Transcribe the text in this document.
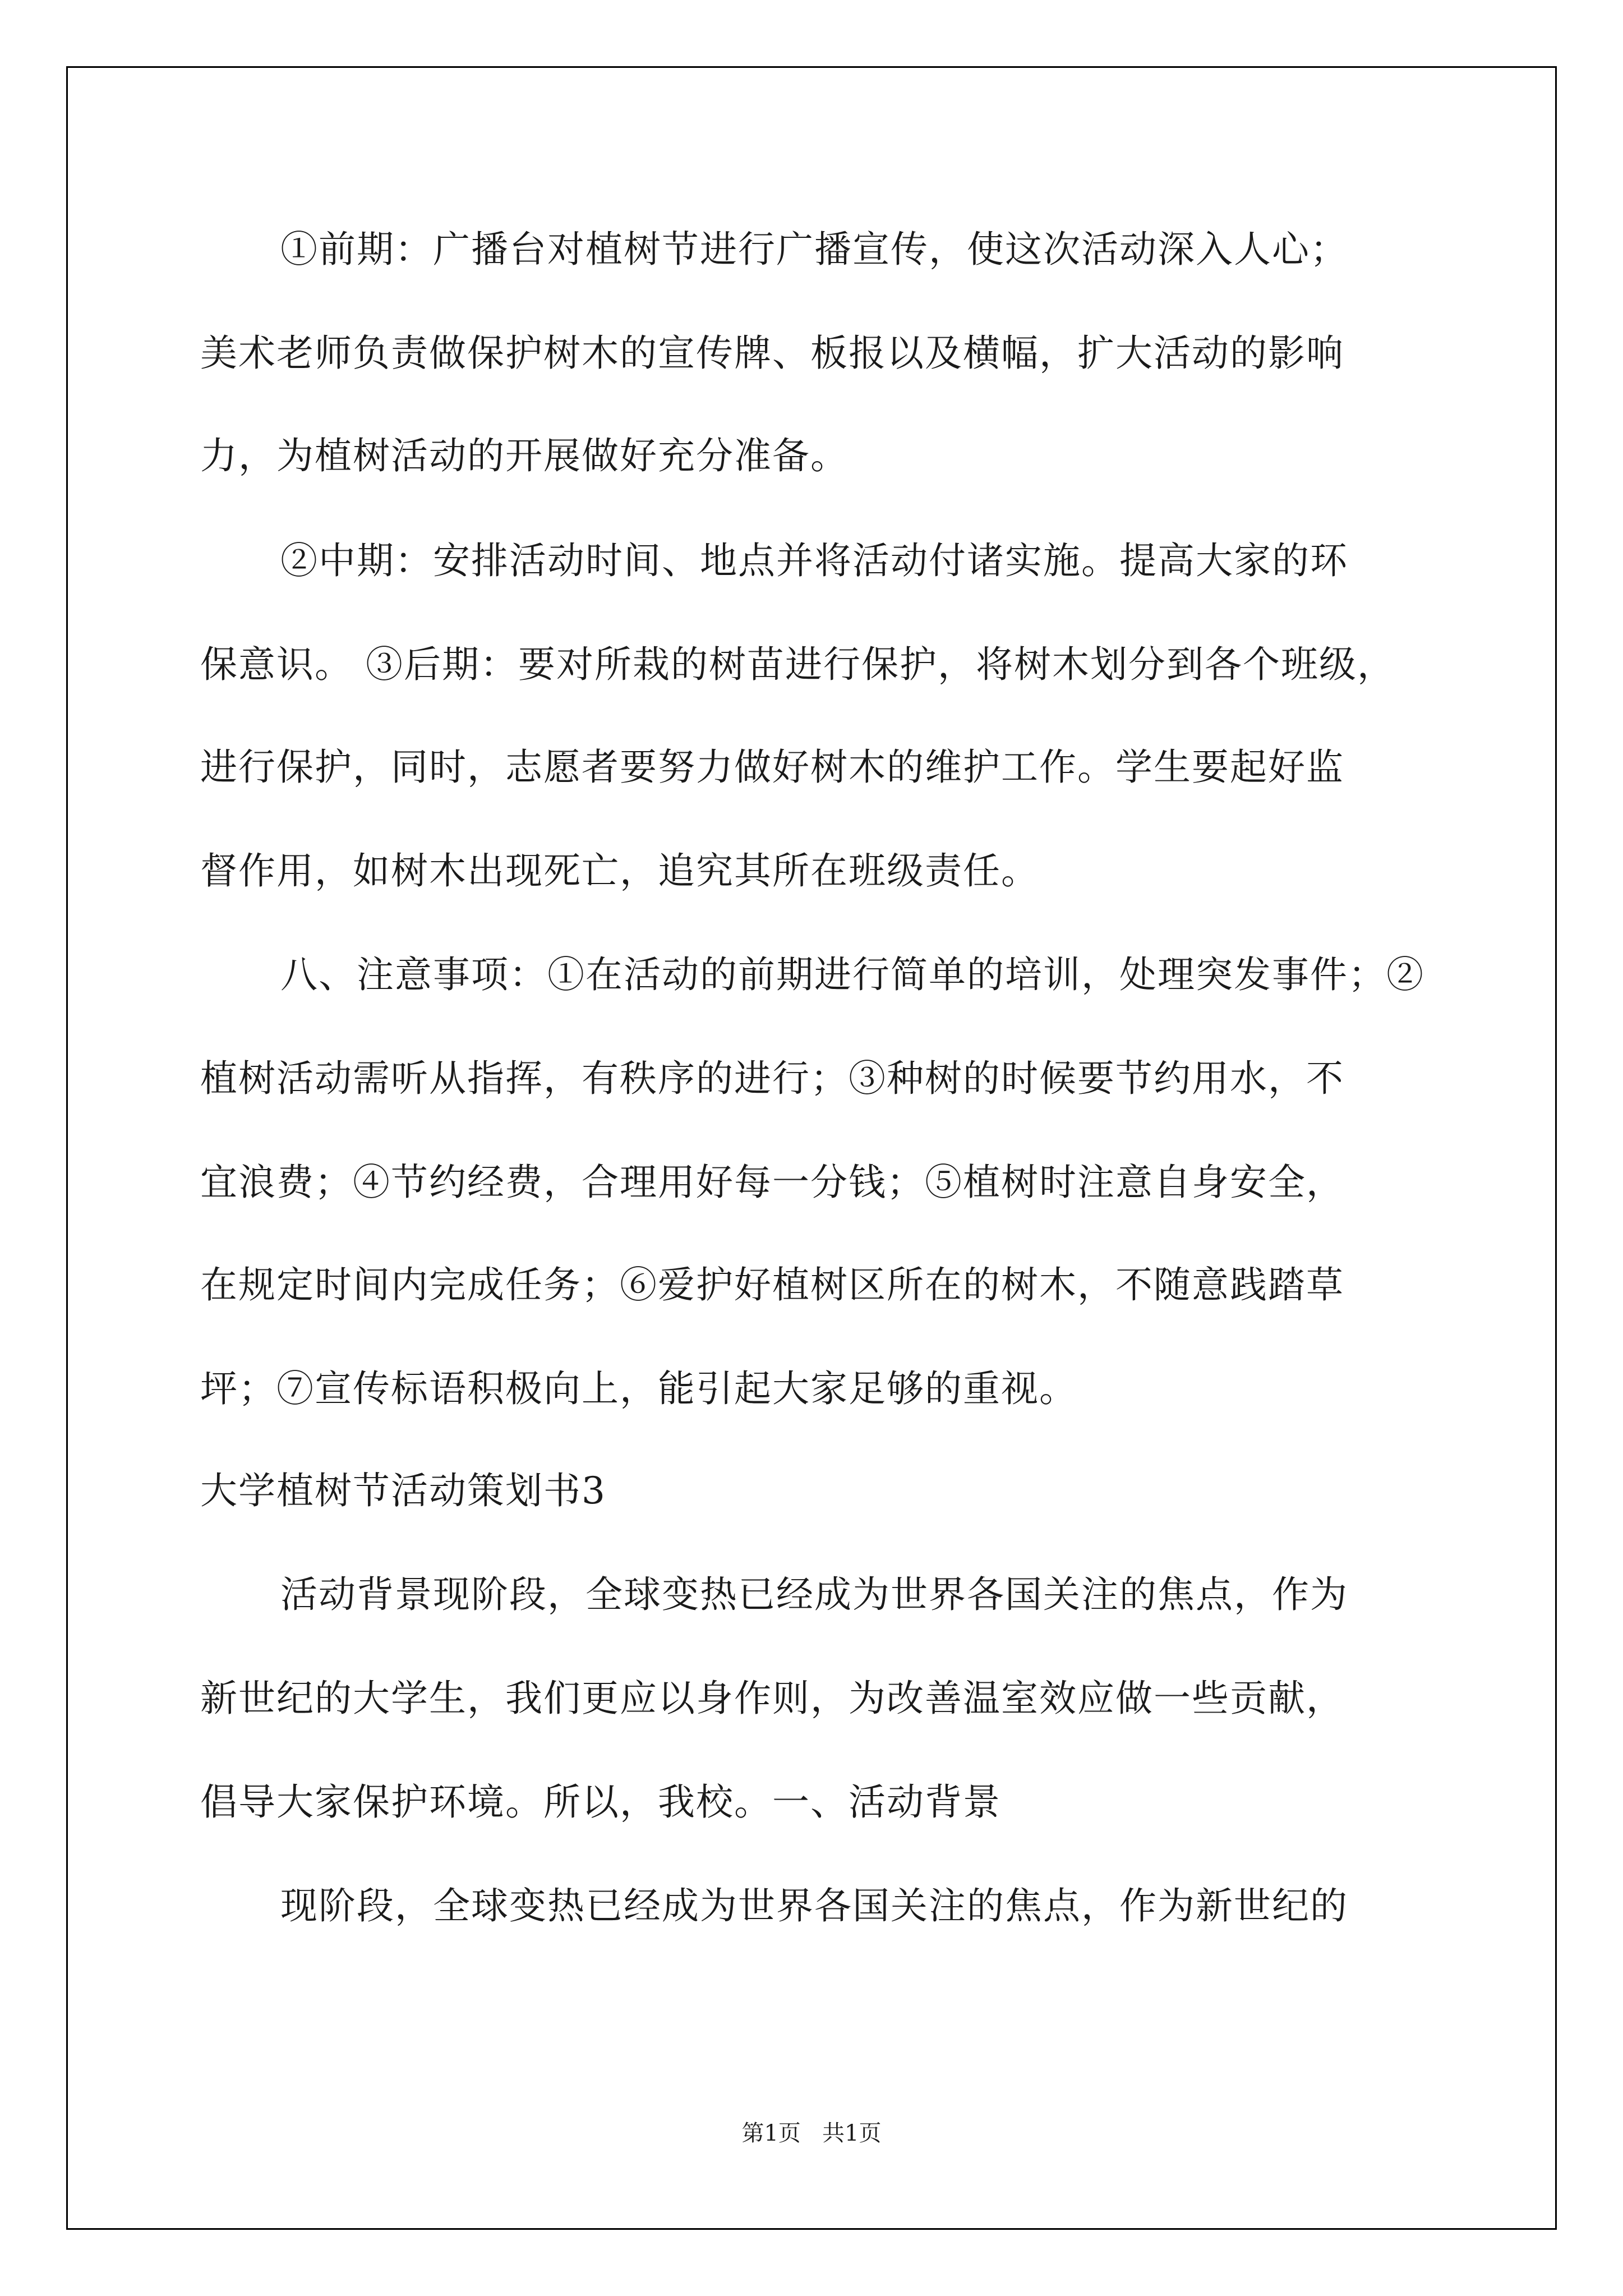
①前期：广播台对植树节进行广播宣传，使这次活动深入人心；
美术老师负责做保护树木的宣传牌、板报以及横幅，扩大活动的影响
力，为植树活动的开展做好充分准备。
②中期：安排活动时间、地点并将活动付诸实施。提高大家的环
保意识。 ③后期：要对所栽的树苗进行保护，将树木划分到各个班级，
进行保护，同时，志愿者要努力做好树木的维护工作。学生要起好监
督作用，如树木出现死亡，追究其所在班级责任。
八、注意事项：①在活动的前期进行简单的培训，处理突发事件；②
植树活动需听从指挥，有秩序的进行；③种树的时候要节约用水，不
宜浪费；④节约经费，合理用好每一分钱；⑤植树时注意自身安全，
在规定时间内完成任务；⑥爱护好植树区所在的树木，不随意践踏草
坪；⑦宣传标语积极向上，能引起大家足够的重视。
大学植树节活动策划书3
活动背景现阶段，全球变热已经成为世界各国关注的焦点，作为
新世纪的大学生，我们更应以身作则，为改善温室效应做一些贡献，
倡导大家保护环境。所以，我校。一、活动背景
现阶段，全球变热已经成为世界各国关注的焦点，作为新世纪的
第1页   共1页
